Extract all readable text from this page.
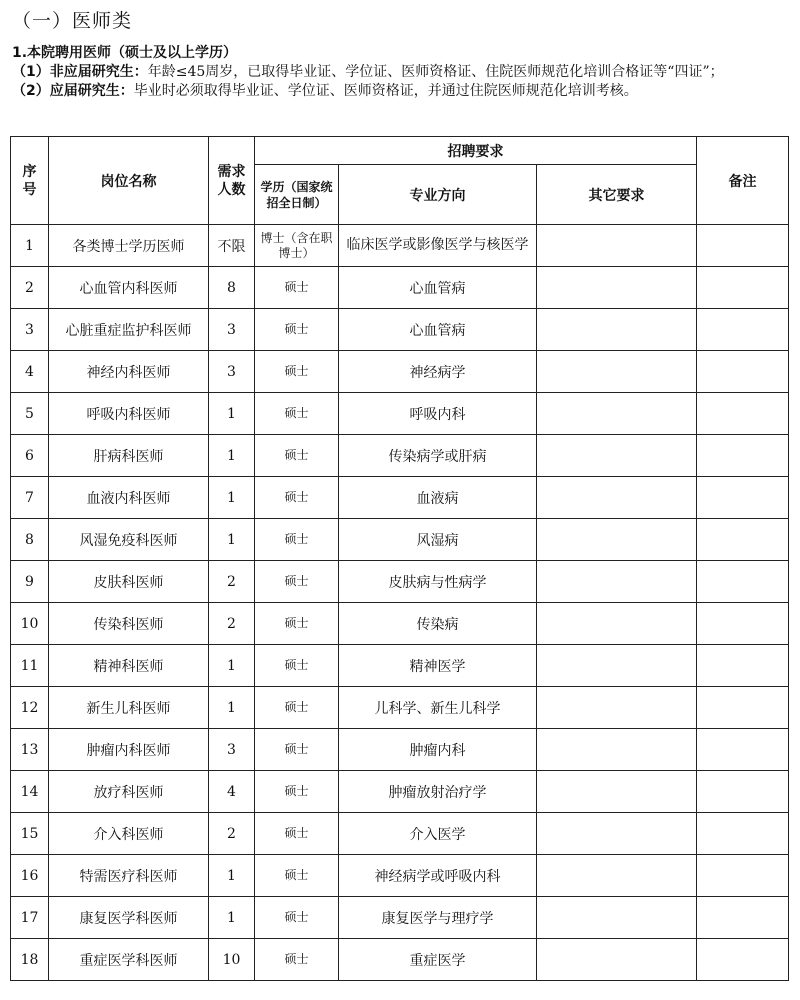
（一）医师类
1.本院聘用医师（硕士及以上学历）
（1）非应届研究生：年龄≤45周岁，已取得毕业证、学位证、医师资格证、住院医师规范化培训合格证等“四证”；
（2）应届研究生：毕业时必须取得毕业证、学位证、医师资格证，并通过住院医师规范化培训考核。
序号	岗位名称	需求人数	招聘要求			备注
			学历（国家统招全日制）	专业方向	其它要求	
1	各类博士学历医师	不限	博士（含在职博士）	临床医学或影像医学与核医学		
2	心血管内科医师	8	硕士	心血管病		
3	心脏重症监护科医师	3	硕士	心血管病		
4	神经内科医师	3	硕士	神经病学		
5	呼吸内科医师	1	硕士	呼吸内科		
6	肝病科医师	1	硕士	传染病学或肝病		
7	血液内科医师	1	硕士	血液病		
8	风湿免疫科医师	1	硕士	风湿病		
9	皮肤科医师	2	硕士	皮肤病与性病学		
10	传染科医师	2	硕士	传染病		
11	精神科医师	1	硕士	精神医学		
12	新生儿科医师	1	硕士	儿科学、新生儿科学		
13	肿瘤内科医师	3	硕士	肿瘤内科		
14	放疗科医师	4	硕士	肿瘤放射治疗学		
15	介入科医师	2	硕士	介入医学		
16	特需医疗科医师	1	硕士	神经病学或呼吸内科		
17	康复医学科医师	1	硕士	康复医学与理疗学		
18	重症医学科医师	10	硕士	重症医学		
